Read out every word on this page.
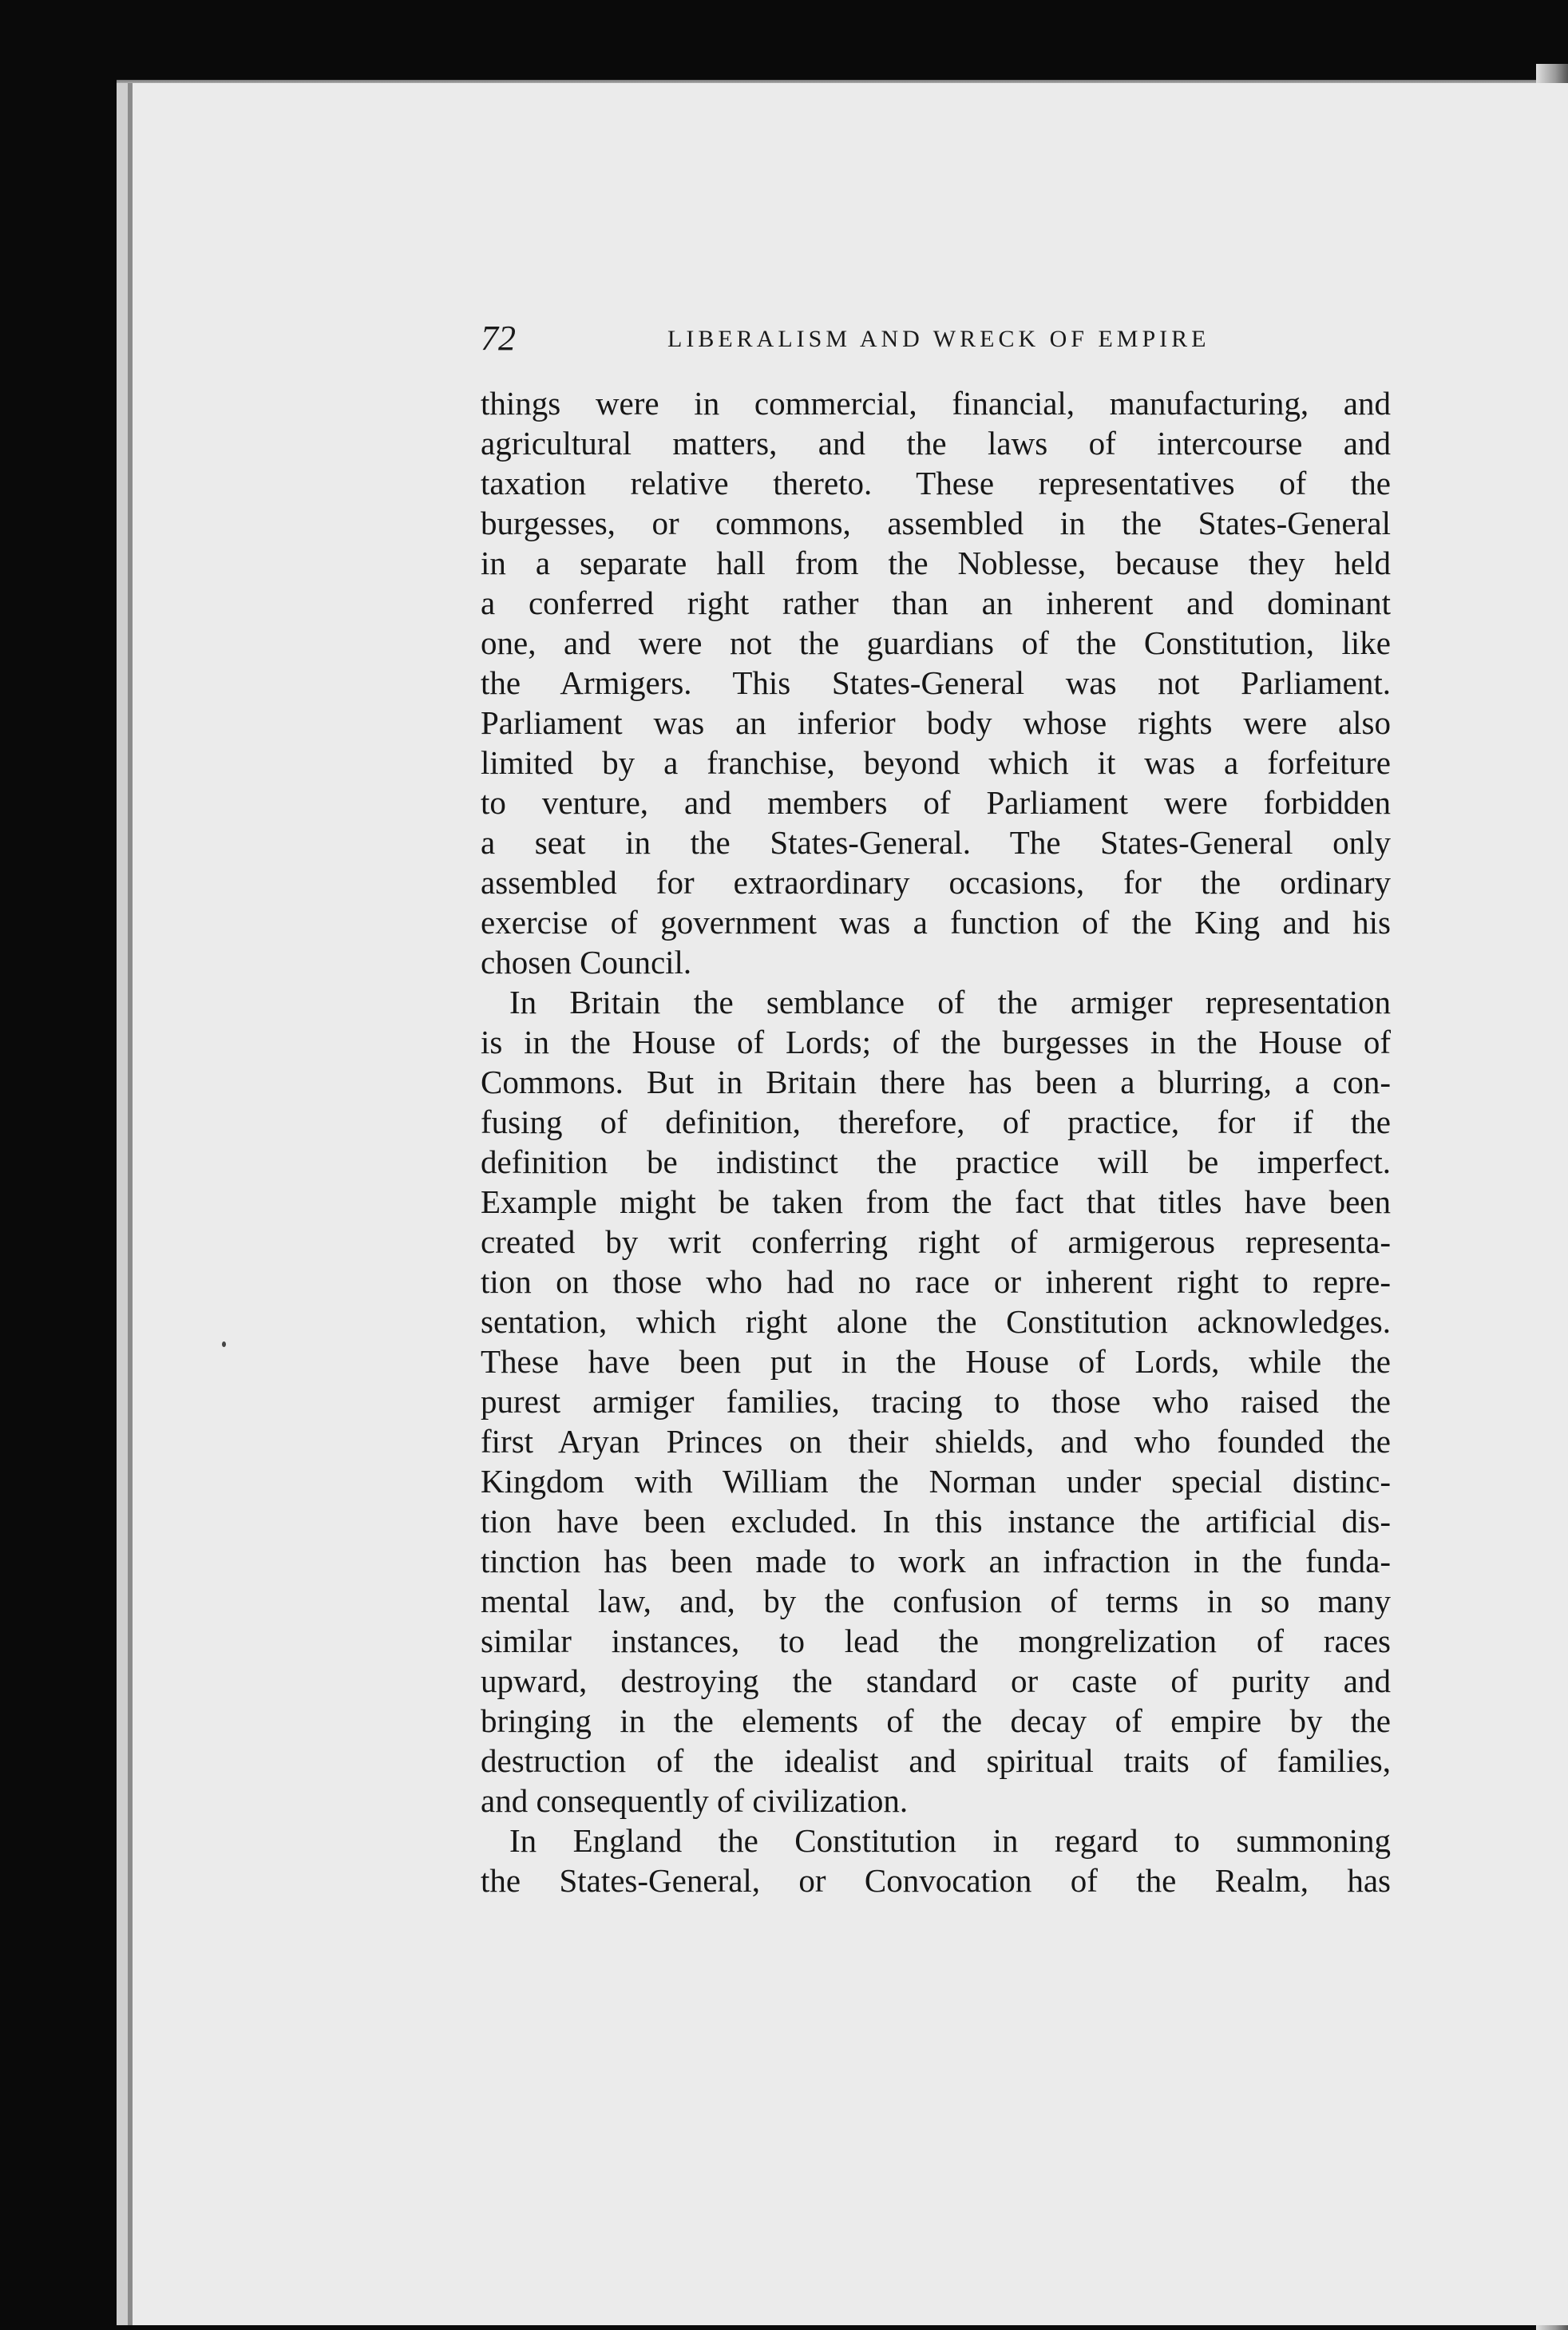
72	LIBERALISM AND WRECK OF EMPIRE
things were in commercial, financial, manufacturing, and
agricultural matters, and the laws of intercourse and
taxation relative thereto. These representatives of the
burgesses, or commons, assembled in the States-General
in a separate hall from the Noblesse, because they held
a conferred right rather than an inherent and dominant
one, and were not the guardians of the Constitution, like
the Armigers. This States-General was not Parliament.
Parliament was an inferior body whose rights were also
limited by a franchise, beyond which it was a forfeiture
to venture, and members of Parliament were forbidden
a seat in the States-General. The States-General only
assembled for extraordinary occasions, for the ordinary
exercise of government was a function of the King and his
chosen Council.
In Britain the semblance of the armiger representation
is in the House of Lords; of the burgesses in the House of
Commons. But in Britain there has been a blurring, a con-
fusing of definition, therefore, of practice, for if the
definition be indistinct the practice will be imperfect.
Example might be taken from the fact that titles have been
created by writ conferring right of armigerous representa-
tion on those who had no race or inherent right to repre-
sentation, which right alone the Constitution acknowledges.
These have been put in the House of Lords, while the
purest armiger families, tracing to those who raised the
first Aryan Princes on their shields, and who founded the
Kingdom with William the Norman under special distinc-
tion have been excluded. In this instance the artificial dis-
tinction has been made to work an infraction in the funda-
mental law, and, by the confusion of terms in so many
similar instances, to lead the mongrelization of races
upward, destroying the standard or caste of purity and
bringing in the elements of the decay of empire by the
destruction of the idealist and spiritual traits of families,
and consequently of civilization.
In England the Constitution in regard to summoning
the States-General, or Convocation of the Realm, has
